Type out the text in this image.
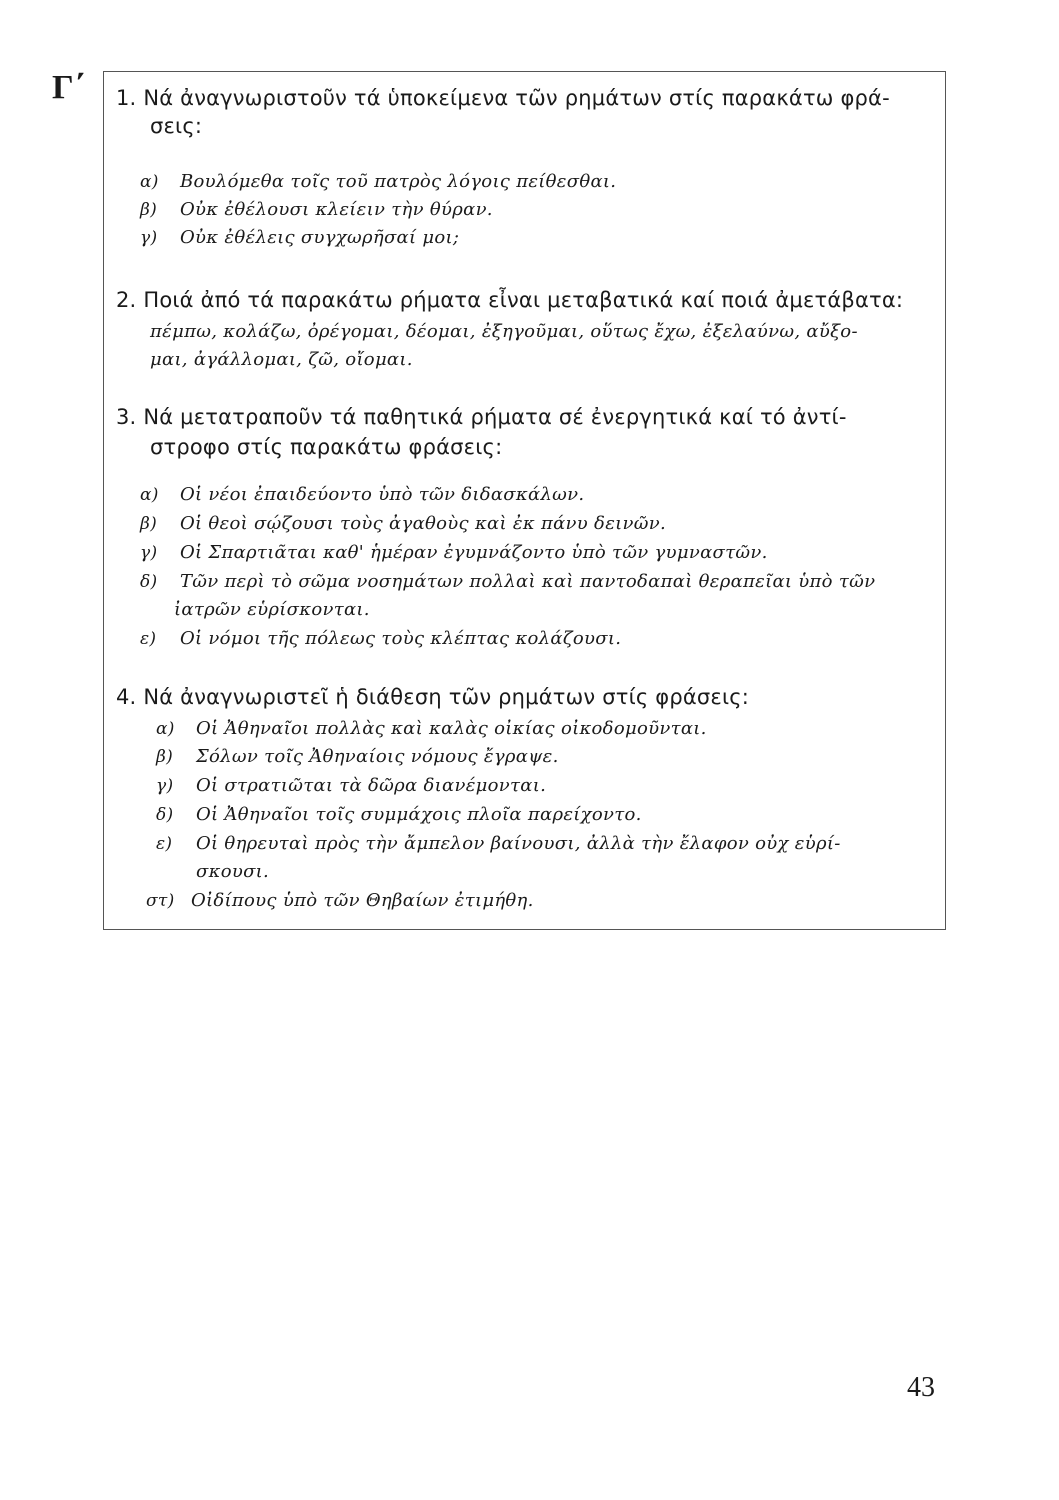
Γ΄ 1. Νά ἀναγνωριστοῦν τά ὑποκείμενα τῶν ρημάτων στίς παρακάτω φρά-
σεις:
α) Βουλόμεθα τοῖς τοῦ πατρὸς λόγοις πείθεσθαι.
β) Οὐκ ἐθέλουσι κλείειν τὴν θύραν.
γ) Οὐκ ἐθέλεις συγχωρῆσαί μοι;
2. Ποιά ἀπό τά παρακάτω ρήματα εἶναι μεταβατικά καί ποιά ἀμετάβατα:
πέμπω, κολάζω, ὀρέγομαι, δέομαι, ἐξηγοῦμαι, οὕτως ἔχω, ἐξελαύνω, αὔξο-
μαι, ἀγάλλομαι, ζῶ, οἴομαι.
3. Νά μετατραποῦν τά παθητικά ρήματα σέ ἐνεργητικά καί τό ἀντί-
στροφο στίς παρακάτω φράσεις:
α) Οἱ νέοι ἐπαιδεύοντο ὑπὸ τῶν διδασκάλων.
β) Οἱ θεοὶ σῴζουσι τοὺς ἀγαθοὺς καὶ ἐκ πάνυ δεινῶν.
γ) Οἱ Σπαρτιᾶται καθ' ἡμέραν ἐγυμνάζοντο ὑπὸ τῶν γυμναστῶν.
δ) Τῶν περὶ τὸ σῶμα νοσημάτων πολλαὶ καὶ παντοδαπαὶ θεραπεῖαι ὑπὸ τῶν
ἰατρῶν εὑρίσκονται.
ε) Οἱ νόμοι τῆς πόλεως τοὺς κλέπτας κολάζουσι.
4. Νά ἀναγνωριστεῖ ἡ διάθεση τῶν ρημάτων στίς φράσεις:
α) Οἱ Ἀθηναῖοι πολλὰς καὶ καλὰς οἰκίας οἰκοδομοῦνται.
β) Σόλων τοῖς Ἀθηναίοις νόμους ἔγραψε.
γ) Οἱ στρατιῶται τὰ δῶρα διανέμονται.
δ) Οἱ Ἀθηναῖοι τοῖς συμμάχοις πλοῖα παρείχοντο.
ε) Οἱ θηρευταὶ πρὸς τὴν ἄμπελον βαίνουσι, ἀλλὰ τὴν ἔλαφον οὐχ εὑρί-
σκουσι.
στ) Οἰδίπους ὑπὸ τῶν Θηβαίων ἐτιμήθη.
43
